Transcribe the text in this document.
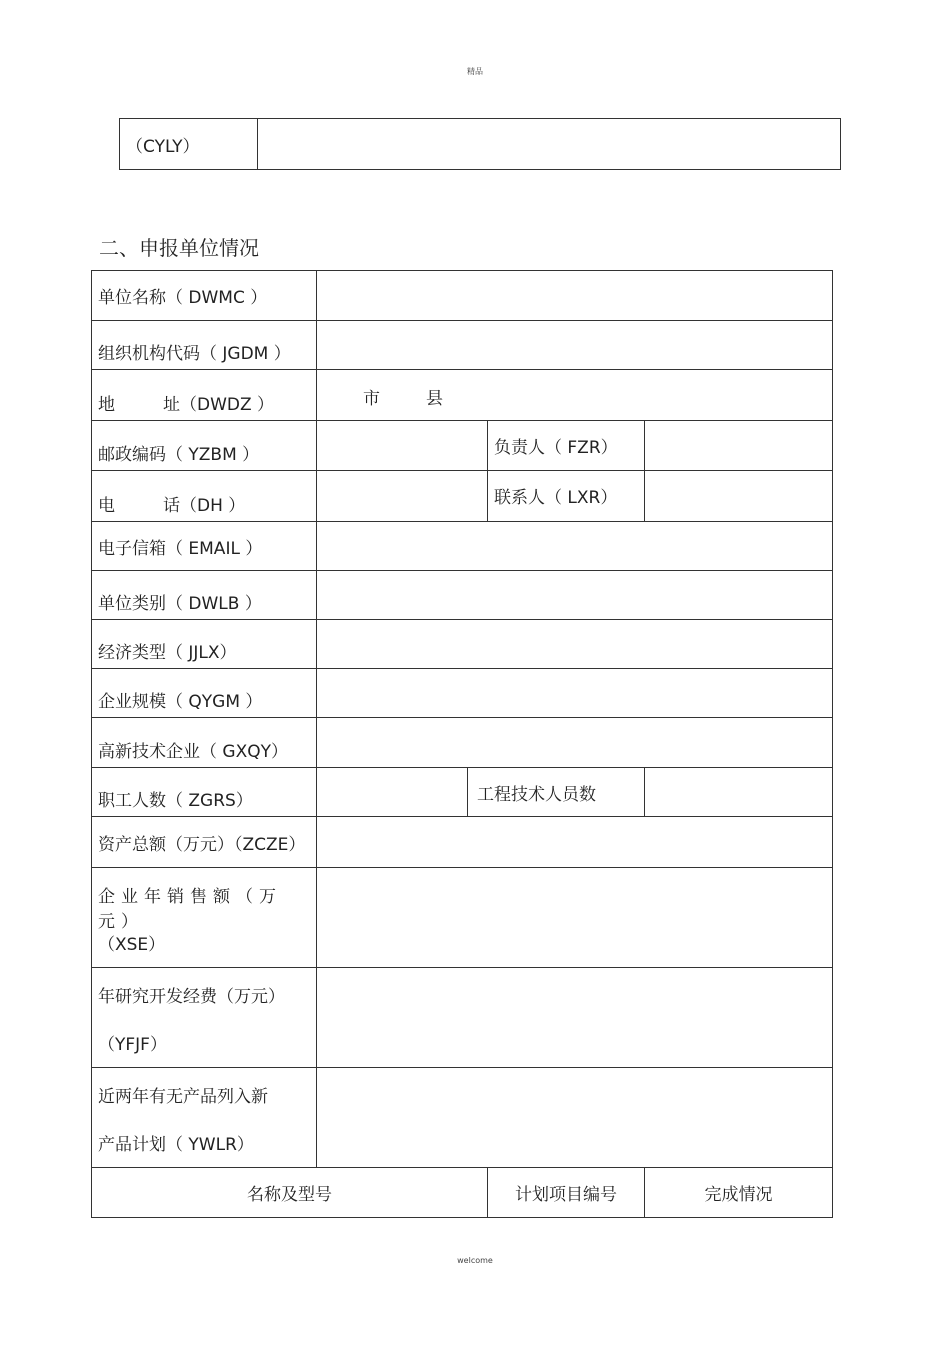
精品
（CYLY）	
二、申报单位情况
单位名称（ DWMC ）				
组织机构代码（ JGDM ）				
地 址（DWDZ ）	市 县			
邮政编码（ YZBM ）			负责人（ FZR）	
电 话（DH ）			联系人（ LXR）	
电子信箱（ EMAIL ）				
单位类别（ DWLB ）				
经济类型（ JJLX）				
企业规模（ QYGM ）				
高新技术企业（ GXQY）				
职工人数（ ZGRS）		工程技术人员数		
资产总额（万元）（ZCZE）				

企业年销售额（万元）
（XSE）				

年研究开发经费（万元）
（YFJF）				

近两年有无产品列入新
产品计划（ YWLR）				

名称及型号			计划项目编号	完成情况
welcome
